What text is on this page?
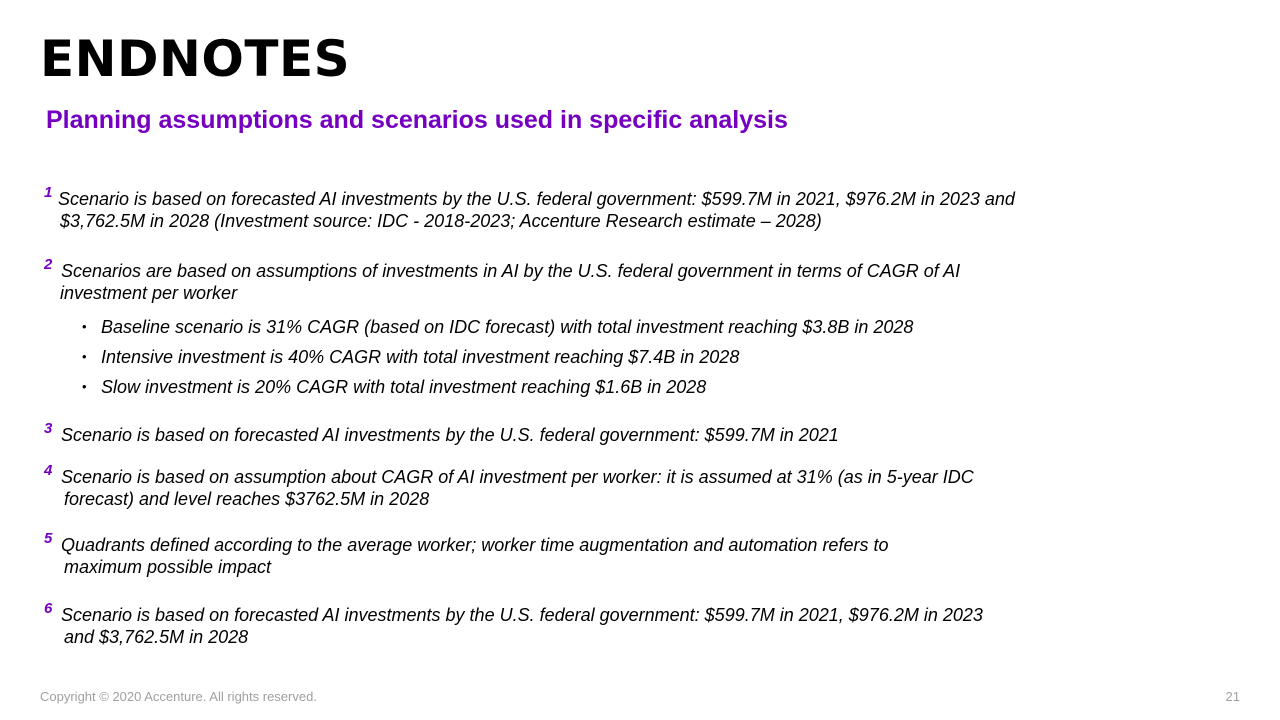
ENDNOTES
Planning assumptions and scenarios used in specific analysis
1 Scenario is based on forecasted AI investments by the U.S. federal government: $599.7M in 2021, $976.2M in 2023 and
$3,762.5M in 2028 (Investment source: IDC - 2018-2023; Accenture Research estimate – 2028)
2 Scenarios are based on assumptions of investments in AI by the U.S. federal government in terms of CAGR of AI
investment per worker
• Baseline scenario is 31% CAGR (based on IDC forecast) with total investment reaching $3.8B in 2028
• Intensive investment is 40% CAGR with total investment reaching $7.4B in 2028
• Slow investment is 20% CAGR with total investment reaching $1.6B in 2028
3 Scenario is based on forecasted AI investments by the U.S. federal government: $599.7M in 2021
4 Scenario is based on assumption about CAGR of AI investment per worker: it is assumed at 31% (as in 5-year IDC
forecast) and level reaches $3762.5M in 2028
5 Quadrants defined according to the average worker; worker time augmentation and automation refers to
maximum possible impact
6 Scenario is based on forecasted AI investments by the U.S. federal government: $599.7M in 2021, $976.2M in 2023
and $3,762.5M in 2028
Copyright © 2020 Accenture. All rights reserved.	21
